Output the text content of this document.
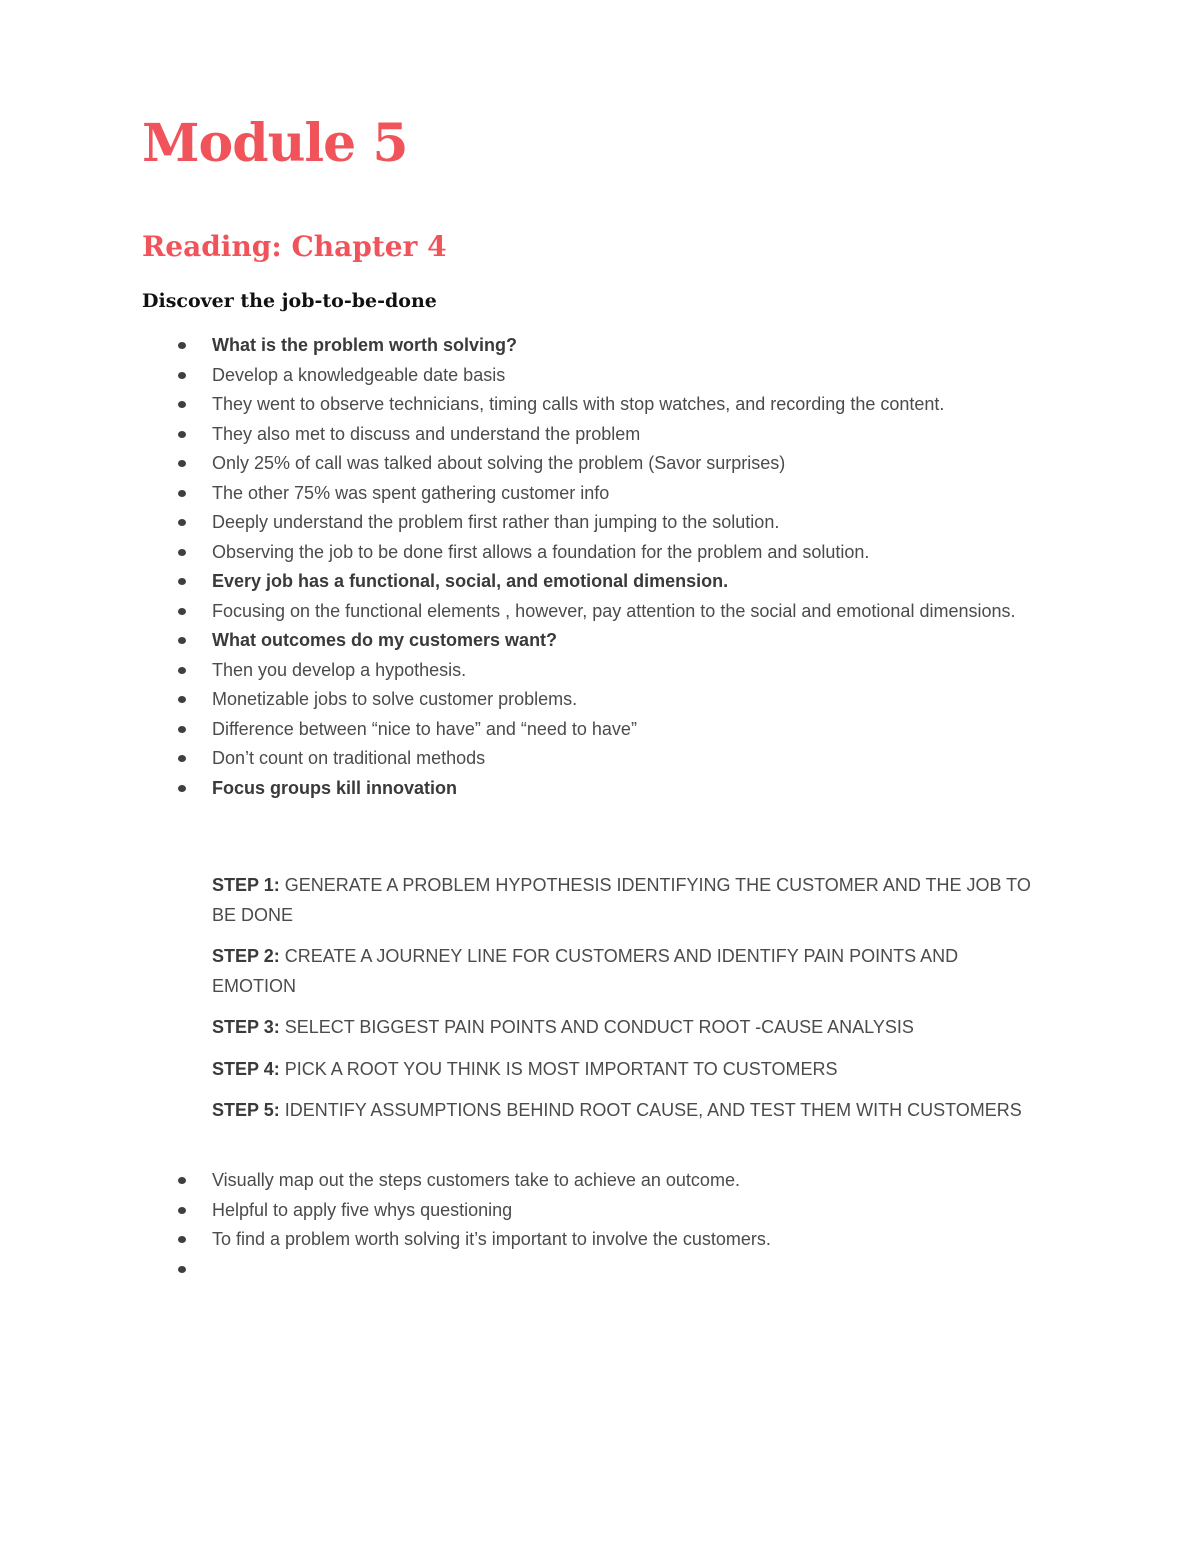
Module 5
Reading: Chapter 4
Discover the job-to-be-done
What is the problem worth solving?
Develop a knowledgeable date basis
They went to observe technicians, timing calls with stop watches, and recording the content.
They also met to discuss and understand the problem
Only 25% of call was talked about solving the problem (Savor surprises)
The other 75% was spent gathering customer info
Deeply understand the problem first rather than jumping to the solution.
Observing the job to be done first allows a foundation for the problem and solution.
Every job has a functional, social, and emotional dimension.
Focusing on the functional elements , however, pay attention to the social and emotional dimensions.
What outcomes do my customers want?
Then you develop a hypothesis.
Monetizable jobs to solve customer problems.
Difference between “nice to have” and “need to have”
Don’t count on traditional methods
Focus groups kill innovation

STEP 1: GENERATE A PROBLEM HYPOTHESIS IDENTIFYING THE CUSTOMER AND THE JOB TO BE DONE

STEP 2: CREATE A JOURNEY LINE FOR CUSTOMERS AND IDENTIFY PAIN POINTS AND EMOTION

STEP 3: SELECT BIGGEST PAIN POINTS AND CONDUCT ROOT -CAUSE ANALYSIS

STEP 4: PICK A ROOT YOU THINK IS MOST IMPORTANT TO CUSTOMERS

STEP 5: IDENTIFY ASSUMPTIONS BEHIND ROOT CAUSE, AND TEST THEM WITH CUSTOMERS

Visually map out the steps customers take to achieve an outcome.
Helpful to apply five whys questioning
To find a problem worth solving it’s important to involve the customers.
